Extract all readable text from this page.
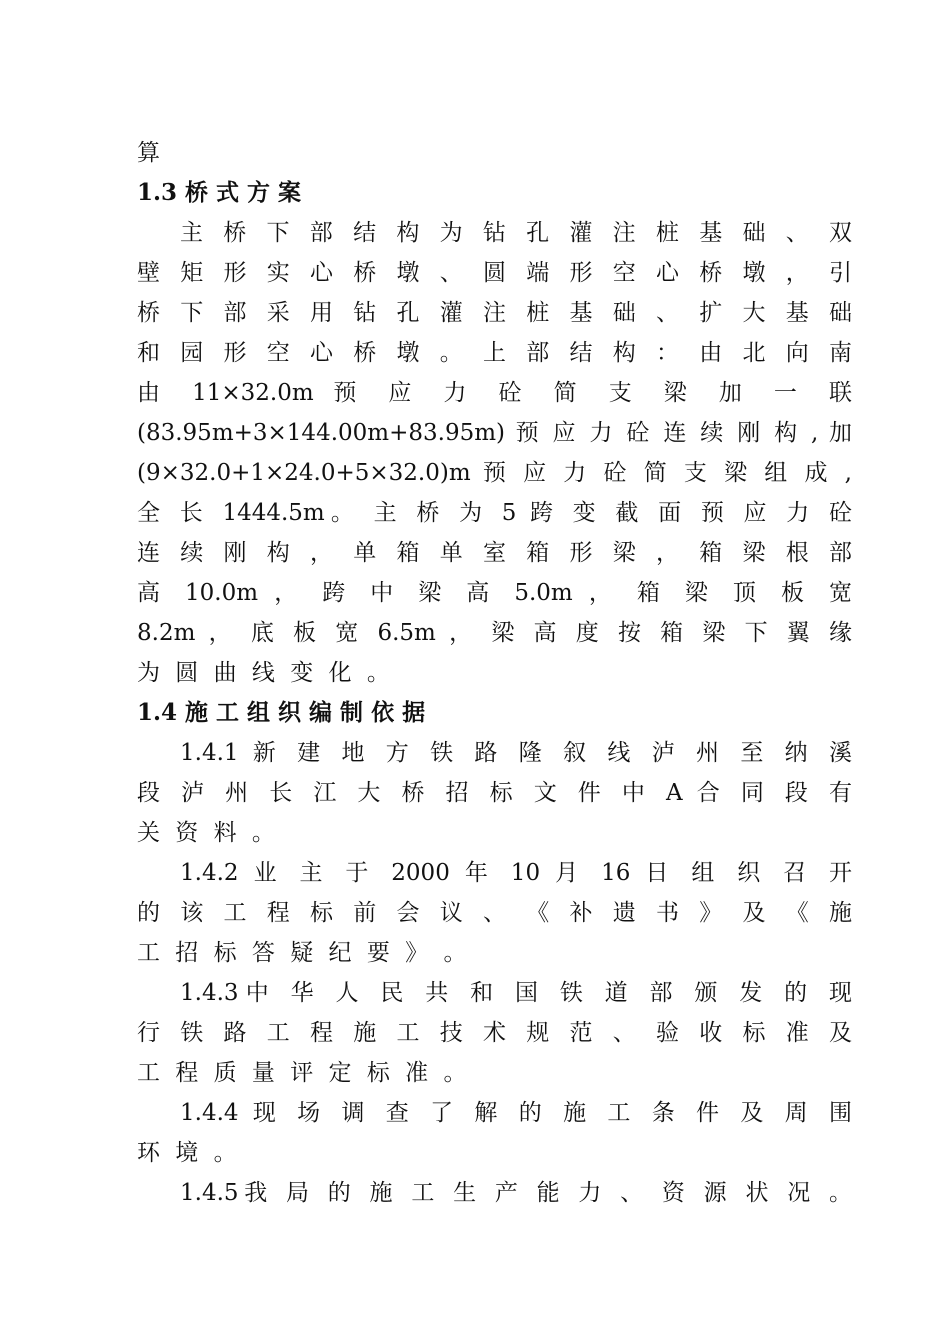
算
1.3 桥 式 方 案
主 桥 下 部 结 构 为 钻 孔 灌 注 桩 基 础 、 双
壁 矩 形 实 心 桥 墩 、 圆 端 形 空 心 桥 墩 ， 引
桥 下 部 采 用 钻 孔 灌 注 桩 基 础 、 扩 大 基 础
和 园 形 空 心 桥 墩 。 上 部 结 构 ： 由 北 向 南
由 11×32.0m 预 应 力 砼 简 支 梁 加 一 联
(83.95m+3×144.00m+83.95m) 预 应 力 砼 连 续 刚 构 , 加
(9×32.0+1×24.0+5×32.0)m 预 应 力 砼 简 支 梁 组 成 ,
全 长 1444.5m。 主 桥 为 5 跨 变 截 面 预 应 力 砼
连 续 刚 构 ， 单 箱 单 室 箱 形 梁 ， 箱 梁 根 部
高 10.0m ， 跨 中 梁 高 5.0m ， 箱 梁 顶 板 宽
8.2m ， 底 板 宽 6.5m ， 梁 高 度 按 箱 梁 下 翼 缘
为 圆 曲 线 变 化 。
1.4 施 工 组 织 编 制 依 据
1.4.1 新 建 地 方 铁 路 隆 叙 线 泸 州 至 纳 溪
段 泸 州 长 江 大 桥 招 标 文 件 中 A 合 同 段 有
关 资 料 。
1.4.2 业 主 于 2000 年 10 月 16 日 组 织 召 开
的 该 工 程 标 前 会 议 、 《 补 遗 书 》 及 《 施
工 招 标 答 疑 纪 要 》 。
1.4.3中 华 人 民 共 和 国 铁 道 部 颁 发 的 现
行 铁 路 工 程 施 工 技 术 规 范 、 验 收 标 准 及
工 程 质 量 评 定 标 准 。
1.4.4 现 场 调 查 了 解 的 施 工 条 件 及 周 围
环 境 。
1.4.5我 局 的 施 工 生 产 能 力 、 资 源 状 况 。
